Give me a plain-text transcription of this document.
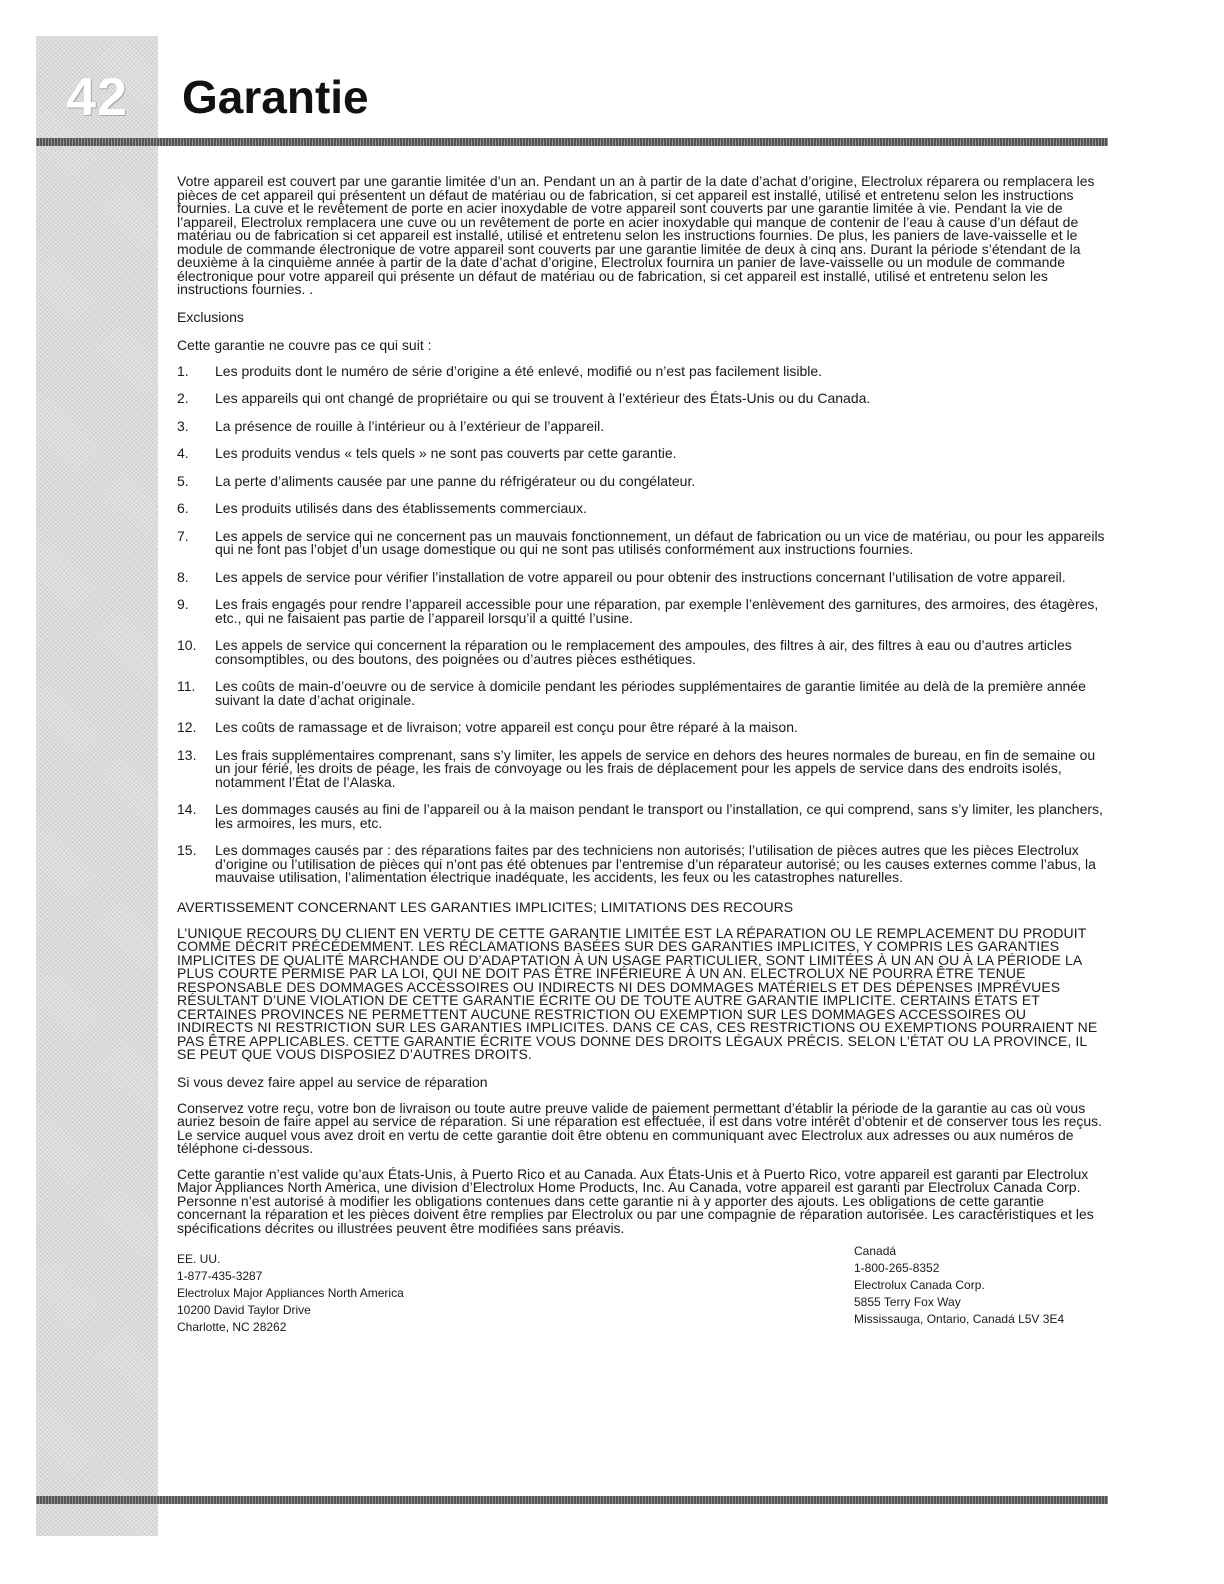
42	Garantie

Votre appareil est couvert par une garantie limitée d’un an. Pendant un an à partir de la date d’achat d’origine, Electrolux réparera ou remplacera les pièces de cet appareil qui présentent un défaut de matériau ou de fabrication, si cet appareil est installé, utilisé et entretenu selon les instructions fournies. La cuve et le revêtement de porte en acier inoxydable de votre appareil sont couverts par une garantie limitée à vie. Pendant la vie de l’appareil, Electrolux remplacera une cuve ou un revêtement de porte en acier inoxydable qui manque de contenir de l’eau à cause d’un défaut de matériau ou de fabrication si cet appareil est installé, utilisé et entretenu selon les instructions fournies. De plus, les paniers de lave-vaisselle et le module de commande électronique de votre appareil sont couverts par une garantie limitée de deux à cinq ans. Durant la période s’étendant de la deuxième à la cinquième année à partir de la date d’achat d’origine, Electrolux fournira un panier de lave-vaisselle ou un module de commande électronique pour votre appareil qui présente un défaut de matériau ou de fabrication, si cet appareil est installé, utilisé et entretenu selon les instructions fournies. .

Exclusions

Cette garantie ne couvre pas ce qui suit :

1.	Les produits dont le numéro de série d’origine a été enlevé, modifié ou n’est pas facilement lisible.
2.	Les appareils qui ont changé de propriétaire ou qui se trouvent à l’extérieur des États-Unis ou du Canada.
3.	La présence de rouille à l’intérieur ou à l’extérieur de l’appareil.
4.	Les produits vendus « tels quels » ne sont pas couverts par cette garantie.
5.	La perte d’aliments causée par une panne du réfrigérateur ou du congélateur.
6.	Les produits utilisés dans des établissements commerciaux.
7.	Les appels de service qui ne concernent pas un mauvais fonctionnement, un défaut de fabrication ou un vice de matériau, ou pour les appareils qui ne font pas l’objet d’un usage domestique ou qui ne sont pas utilisés conformément aux instructions fournies.
8.	Les appels de service pour vérifier l’installation de votre appareil ou pour obtenir des instructions concernant l’utilisation de votre appareil.
9.	Les frais engagés pour rendre l’appareil accessible pour une réparation, par exemple l’enlèvement des garnitures, des armoires, des étagères, etc., qui ne faisaient pas partie de l’appareil lorsqu’il a quitté l’usine.
10.	Les appels de service qui concernent la réparation ou le remplacement des ampoules, des filtres à air, des filtres à eau ou d’autres articles consomptibles, ou des boutons, des poignées ou d’autres pièces esthétiques.
11.	Les coûts de main-d’oeuvre ou de service à domicile pendant les périodes supplémentaires de garantie limitée au delà de la première année suivant la date d’achat originale.
12.	Les coûts de ramassage et de livraison; votre appareil est conçu pour être réparé à la maison.
13.	Les frais supplémentaires comprenant, sans s’y limiter, les appels de service en dehors des heures normales de bureau, en fin de semaine ou un jour férié, les droits de péage, les frais de convoyage ou les frais de déplacement pour les appels de service dans des endroits isolés, notamment l’État de l’Alaska.
14.	Les dommages causés au fini de l’appareil ou à la maison pendant le transport ou l’installation, ce qui comprend, sans s’y limiter, les planchers, les armoires, les murs, etc.
15.	Les dommages causés par : des réparations faites par des techniciens non autorisés; l’utilisation de pièces autres que les pièces Electrolux d’origine ou l’utilisation de pièces qui n’ont pas été obtenues par l’entremise d’un réparateur autorisé; ou les causes externes comme l’abus, la mauvaise utilisation, l’alimentation électrique inadéquate, les accidents, les feux ou les catastrophes naturelles.

AVERTISSEMENT CONCERNANT LES GARANTIES IMPLICITES; LIMITATIONS DES RECOURS

L’UNIQUE RECOURS DU CLIENT EN VERTU DE CETTE GARANTIE LIMITÉE EST LA RÉPARATION OU LE REMPLACEMENT DU PRODUIT COMME DÉCRIT PRÉCÉDEMMENT. LES RÉCLAMATIONS BASÉES SUR DES GARANTIES IMPLICITES, Y COMPRIS LES GARANTIES IMPLICITES DE QUALITÉ MARCHANDE OU D’ADAPTATION À UN USAGE PARTICULIER, SONT LIMITÉES À UN AN OU À LA PÉRIODE LA PLUS COURTE PERMISE PAR LA LOI, QUI NE DOIT PAS ÊTRE INFÉRIEURE À UN AN. ELECTROLUX NE POURRA ÊTRE TENUE RESPONSABLE DES DOMMAGES ACCESSOIRES OU INDIRECTS NI DES DOMMAGES MATÉRIELS ET DES DÉPENSES IMPRÉVUES RÉSULTANT D’UNE VIOLATION DE CETTE GARANTIE ÉCRITE OU DE TOUTE AUTRE GARANTIE IMPLICITE. CERTAINS ÉTATS ET CERTAINES PROVINCES NE PERMETTENT AUCUNE RESTRICTION OU EXEMPTION SUR LES DOMMAGES ACCESSOIRES OU INDIRECTS NI RESTRICTION SUR LES GARANTIES IMPLICITES. DANS CE CAS, CES RESTRICTIONS OU EXEMPTIONS POURRAIENT NE PAS ÊTRE APPLICABLES. CETTE GARANTIE ÉCRITE VOUS DONNE DES DROITS LÉGAUX PRÉCIS. SELON L’ÉTAT OU LA PROVINCE, IL SE PEUT QUE VOUS DISPOSIEZ D’AUTRES DROITS.

Si vous devez faire appel au service de réparation

Conservez votre reçu, votre bon de livraison ou toute autre preuve valide de paiement permettant d’établir la période de la garantie au cas où vous auriez besoin de faire appel au service de réparation. Si une réparation est effectuée, il est dans votre intérêt d’obtenir et de conserver tous les reçus. Le service auquel vous avez droit en vertu de cette garantie doit être obtenu en communiquant avec Electrolux aux adresses ou aux numéros de téléphone ci-dessous.

Cette garantie n’est valide qu’aux États-Unis, à Puerto Rico et au Canada. Aux États-Unis et à Puerto Rico, votre appareil est garanti par Electrolux Major Appliances North America, une division d’Electrolux Home Products, Inc. Au Canada, votre appareil est garanti par Electrolux Canada Corp. Personne n’est autorisé à modifier les obligations contenues dans cette garantie ni à y apporter des ajouts. Les obligations de cette garantie concernant la réparation et les pièces doivent être remplies par Electrolux ou par une compagnie de réparation autorisée. Les caractéristiques et les spécifications décrites ou illustrées peuvent être modifiées sans préavis.

EE. UU.
1-877-435-3287
Electrolux Major Appliances North America
10200 David Taylor Drive
Charlotte, NC 28262
Canadá
1-800-265-8352
Electrolux Canada Corp.
5855 Terry Fox Way
Mississauga, Ontario, Canadá L5V 3E4
